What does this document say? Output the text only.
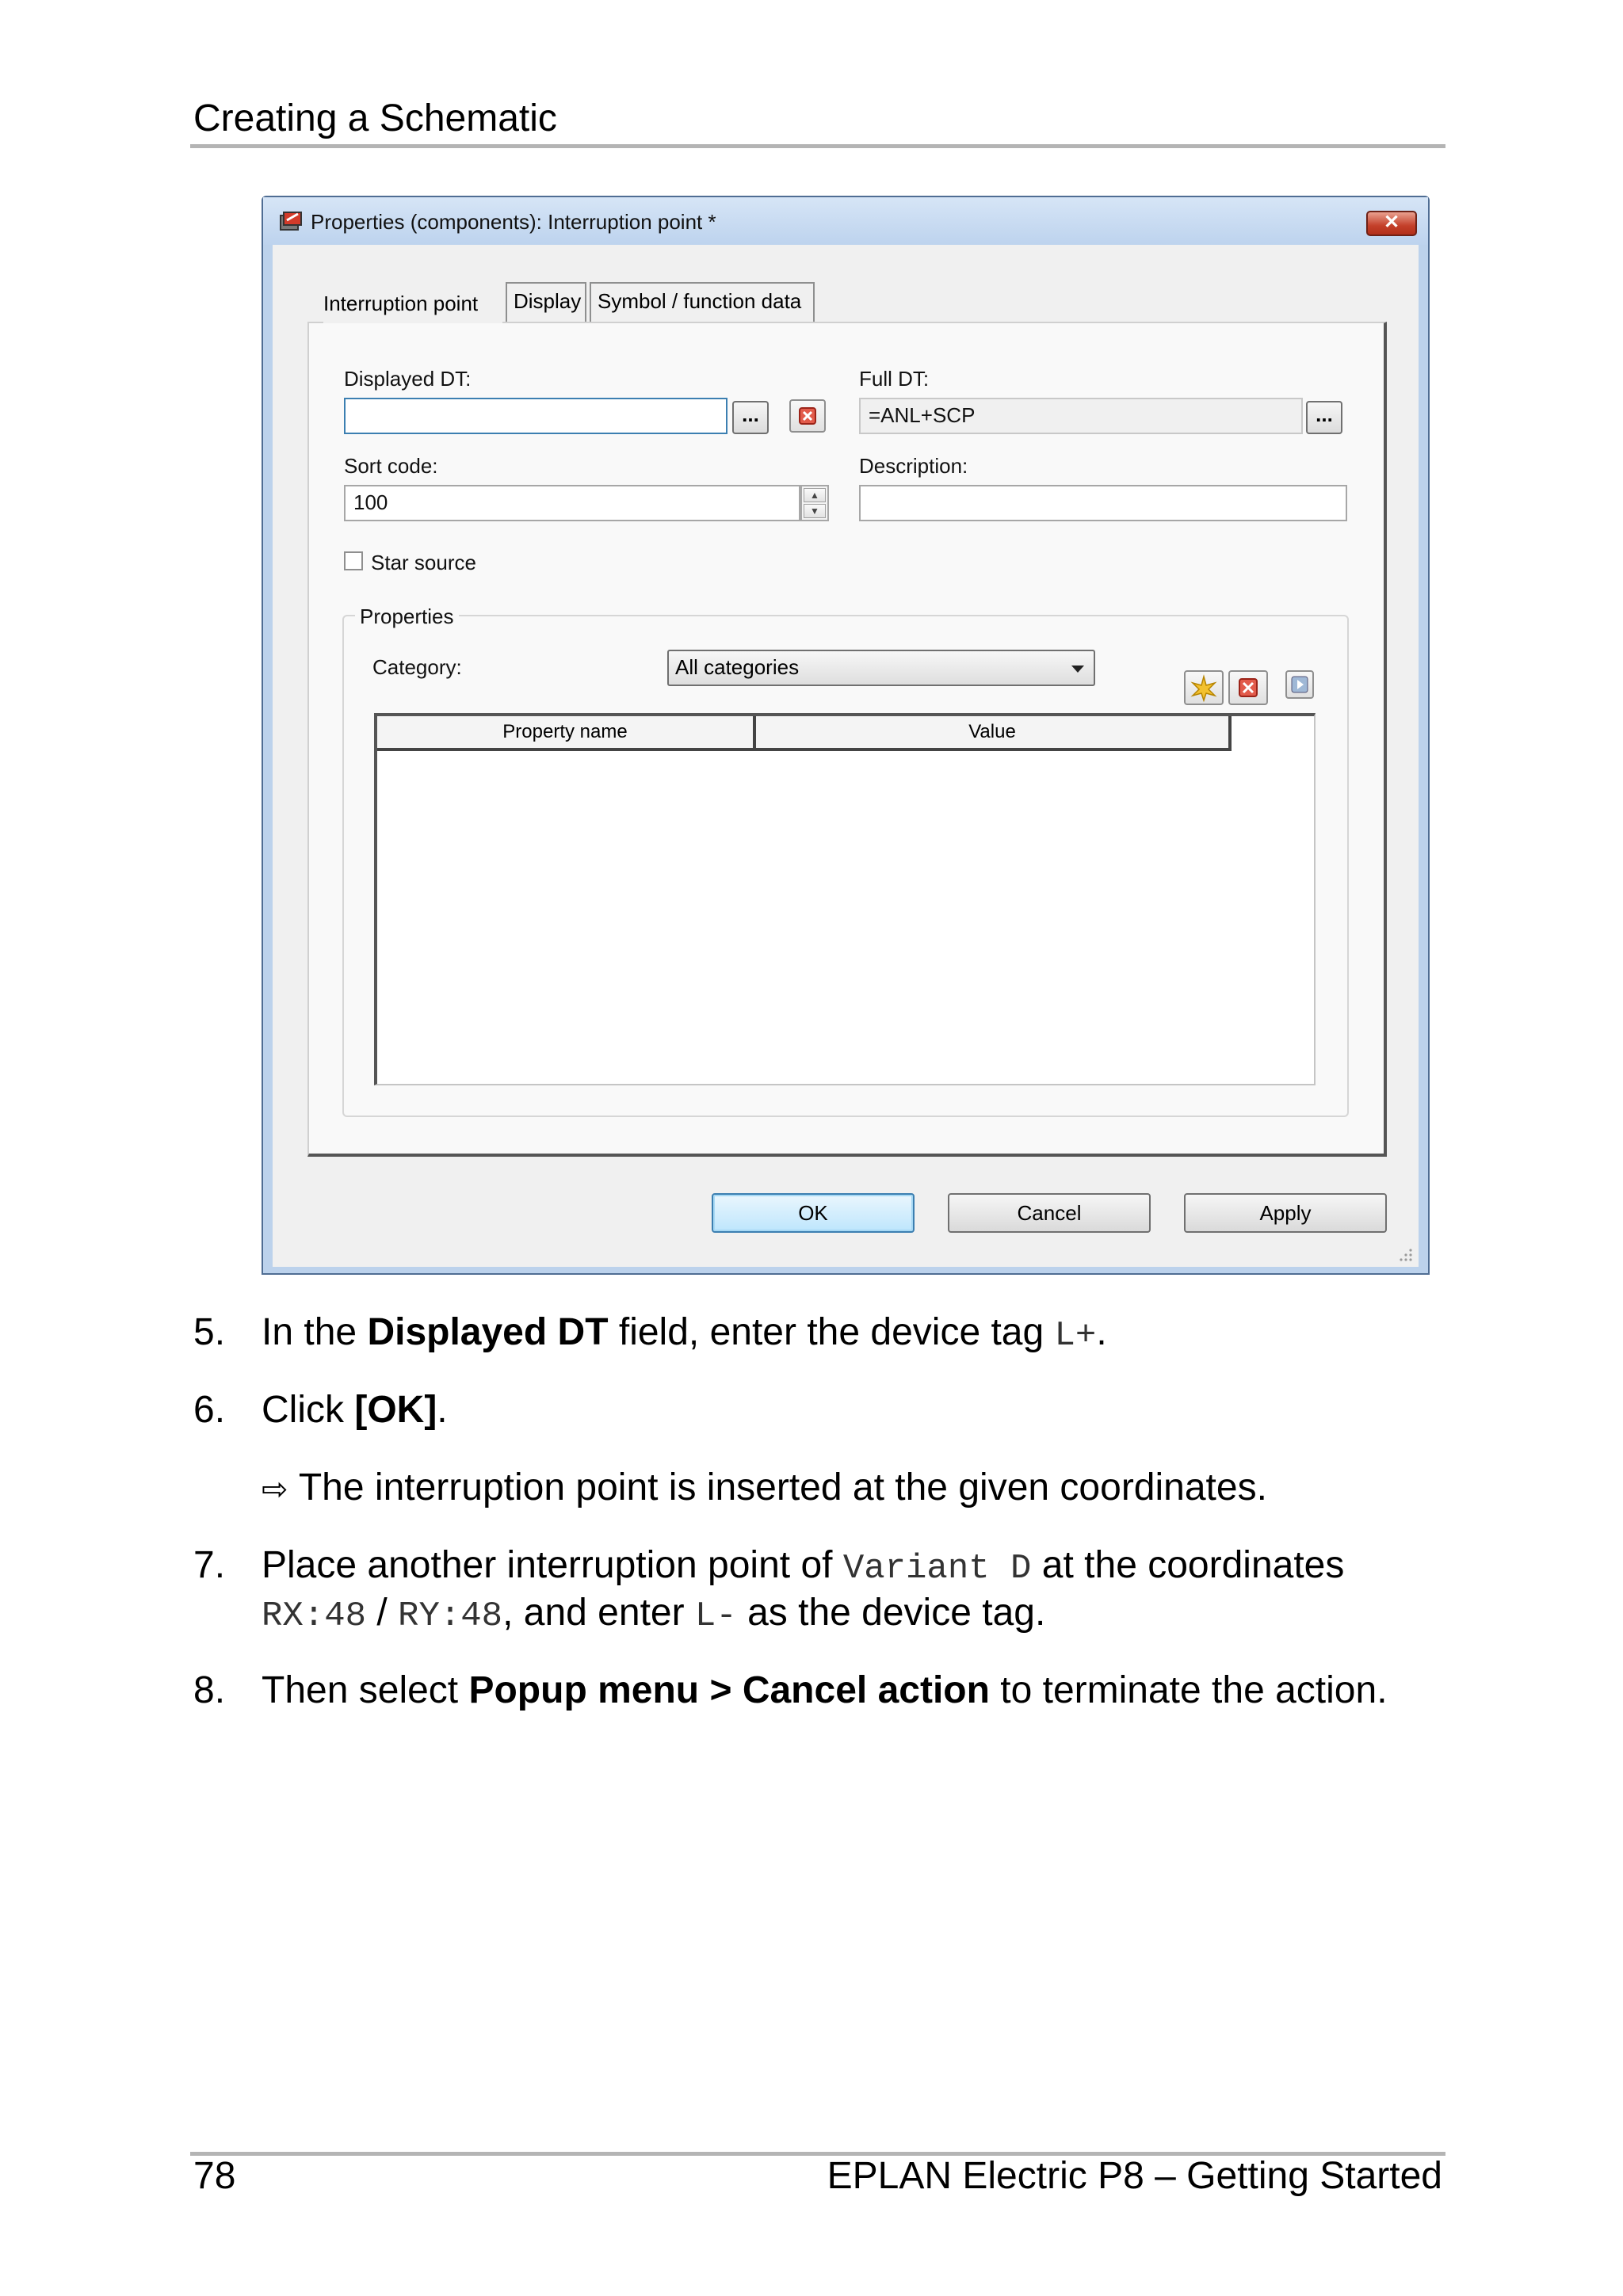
Creating a Schematic
Properties (components): Interruption point *	✕
Interruption point	Display Symbol / function data
Displayed DT:
...
Full DT:
=ANL+SCP	...
Sort code:
100	▲
▼
Description:
Star source
Properties
Category:	All categories
Property name	Value
OK	Cancel	Apply
5. In the Displayed DT field, enter the device tag L+.
6. Click [OK].
⇨ The interruption point is inserted at the given coordinates.
7. Place another interruption point of Variant D at the coordinates
RX:48 / RY:48, and enter L- as the device tag.
8. Then select Popup menu > Cancel action to terminate the action.
78	EPLAN Electric P8 – Getting Started
